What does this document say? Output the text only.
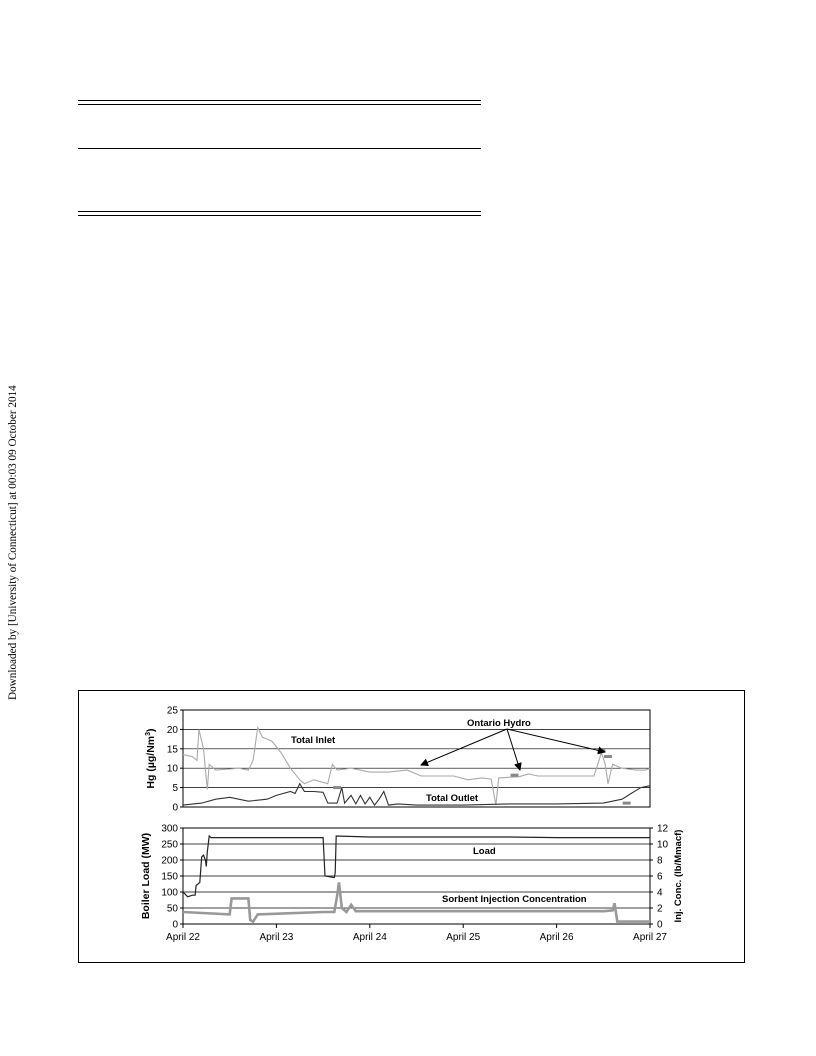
Downloaded by [University of Connecticut] at 00:03 09 October 2014
0
5
10
15
20
25
Hg (µg/Nm$^3$)
Total Inlet
Total Outlet
Ontario Hydro
0
50
100
150
200
250
300
0
2
4
6
8
10
12
Boiler Load (MW)	Inj. Conc. (lb/Mmacf)
Load
Sorbent Injection Concentration
April 22	April 23	April 24	April 25	April 26	April 27
